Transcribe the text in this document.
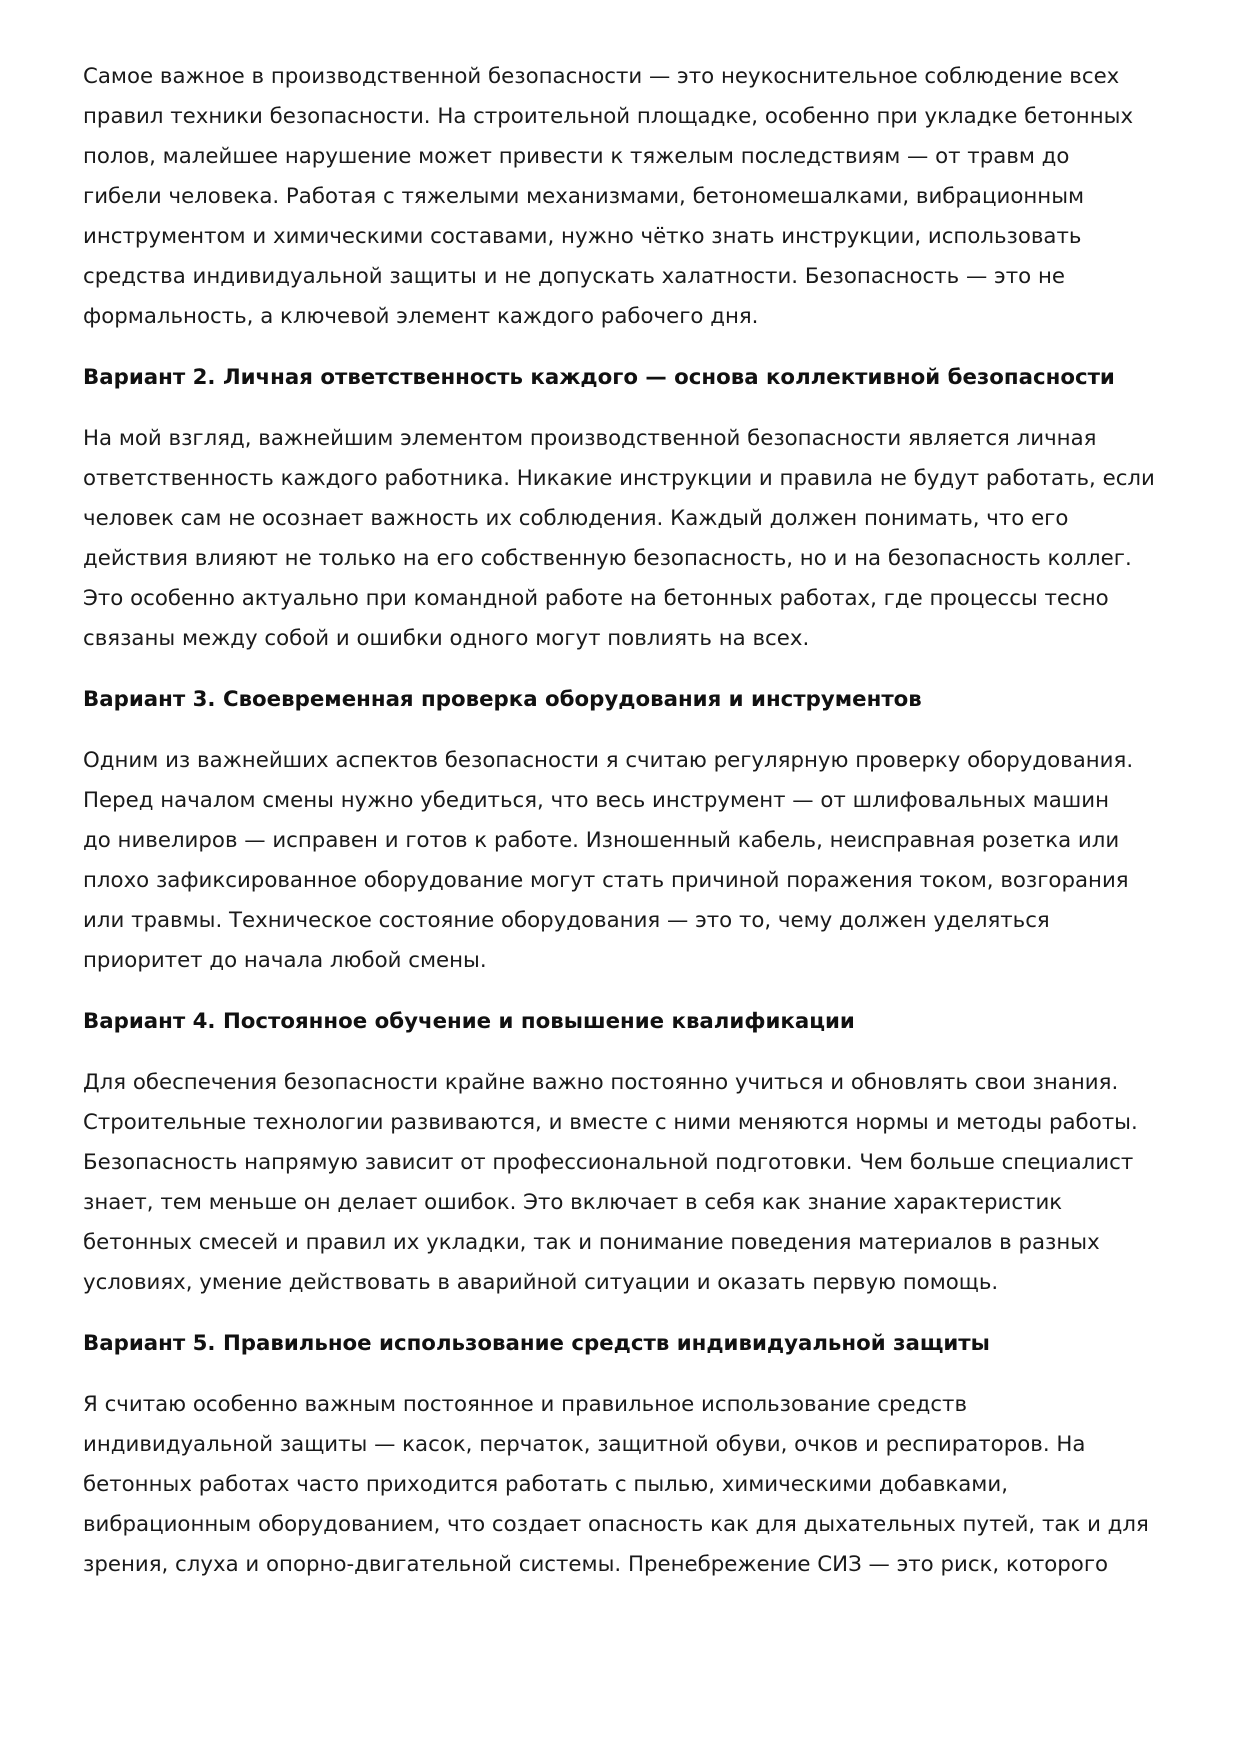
Самое важное в производственной безопасности — это неукоснительное соблюдение всех
правил техники безопасности. На строительной площадке, особенно при укладке бетонных
полов, малейшее нарушение может привести к тяжелым последствиям — от травм до
гибели человека. Работая с тяжелыми механизмами, бетономешалками, вибрационным
инструментом и химическими составами, нужно чётко знать инструкции, использовать
средства индивидуальной защиты и не допускать халатности. Безопасность — это не
формальность, а ключевой элемент каждого рабочего дня.

Вариант 2. Личная ответственность каждого — основа коллективной безопасности

На мой взгляд, важнейшим элементом производственной безопасности является личная
ответственность каждого работника. Никакие инструкции и правила не будут работать, если
человек сам не осознает важность их соблюдения. Каждый должен понимать, что его
действия влияют не только на его собственную безопасность, но и на безопасность коллег.
Это особенно актуально при командной работе на бетонных работах, где процессы тесно
связаны между собой и ошибки одного могут повлиять на всех.

Вариант 3. Своевременная проверка оборудования и инструментов

Одним из важнейших аспектов безопасности я считаю регулярную проверку оборудования.
Перед началом смены нужно убедиться, что весь инструмент — от шлифовальных машин
до нивелиров — исправен и готов к работе. Изношенный кабель, неисправная розетка или
плохо зафиксированное оборудование могут стать причиной поражения током, возгорания
или травмы. Техническое состояние оборудования — это то, чему должен уделяться
приоритет до начала любой смены.

Вариант 4. Постоянное обучение и повышение квалификации

Для обеспечения безопасности крайне важно постоянно учиться и обновлять свои знания.
Строительные технологии развиваются, и вместе с ними меняются нормы и методы работы.
Безопасность напрямую зависит от профессиональной подготовки. Чем больше специалист
знает, тем меньше он делает ошибок. Это включает в себя как знание характеристик
бетонных смесей и правил их укладки, так и понимание поведения материалов в разных
условиях, умение действовать в аварийной ситуации и оказать первую помощь.

Вариант 5. Правильное использование средств индивидуальной защиты

Я считаю особенно важным постоянное и правильное использование средств
индивидуальной защиты — касок, перчаток, защитной обуви, очков и респираторов. На
бетонных работах часто приходится работать с пылью, химическими добавками,
вибрационным оборудованием, что создает опасность как для дыхательных путей, так и для
зрения, слуха и опорно-двигательной системы. Пренебрежение СИЗ — это риск, которого
